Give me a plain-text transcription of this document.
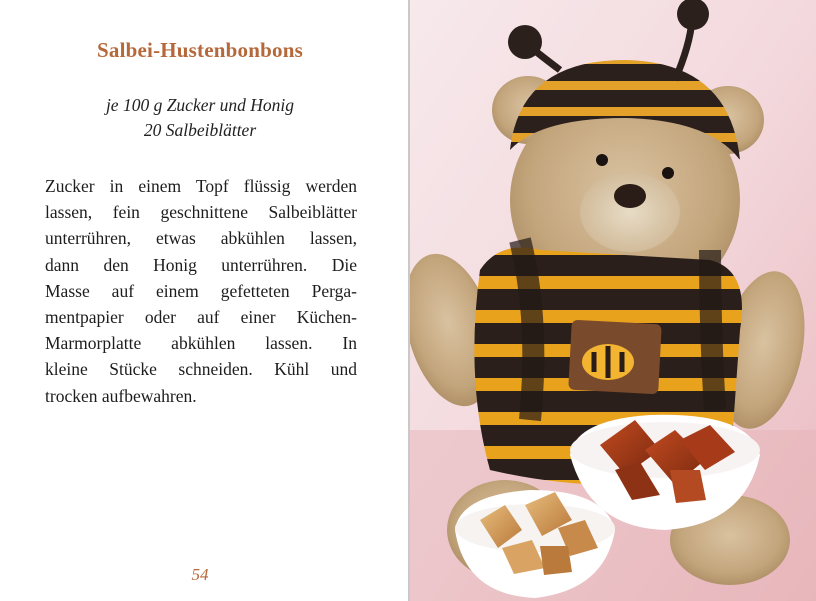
Salbei-Hustenbonbons
je 100 g Zucker und Honig
20 Salbeiblätter
Zucker in einem Topf flüssig werden
lassen, fein geschnittene Salbeiblätter
unterrühren, etwas abkühlen lassen,
dann den Honig unterrühren. Die
Masse auf einem gefetteten Perga-
mentpapier oder auf einer Küchen-
Marmorplatte abkühlen lassen. In
kleine Stücke schneiden. Kühl und
trocken aufbewahren.
54
